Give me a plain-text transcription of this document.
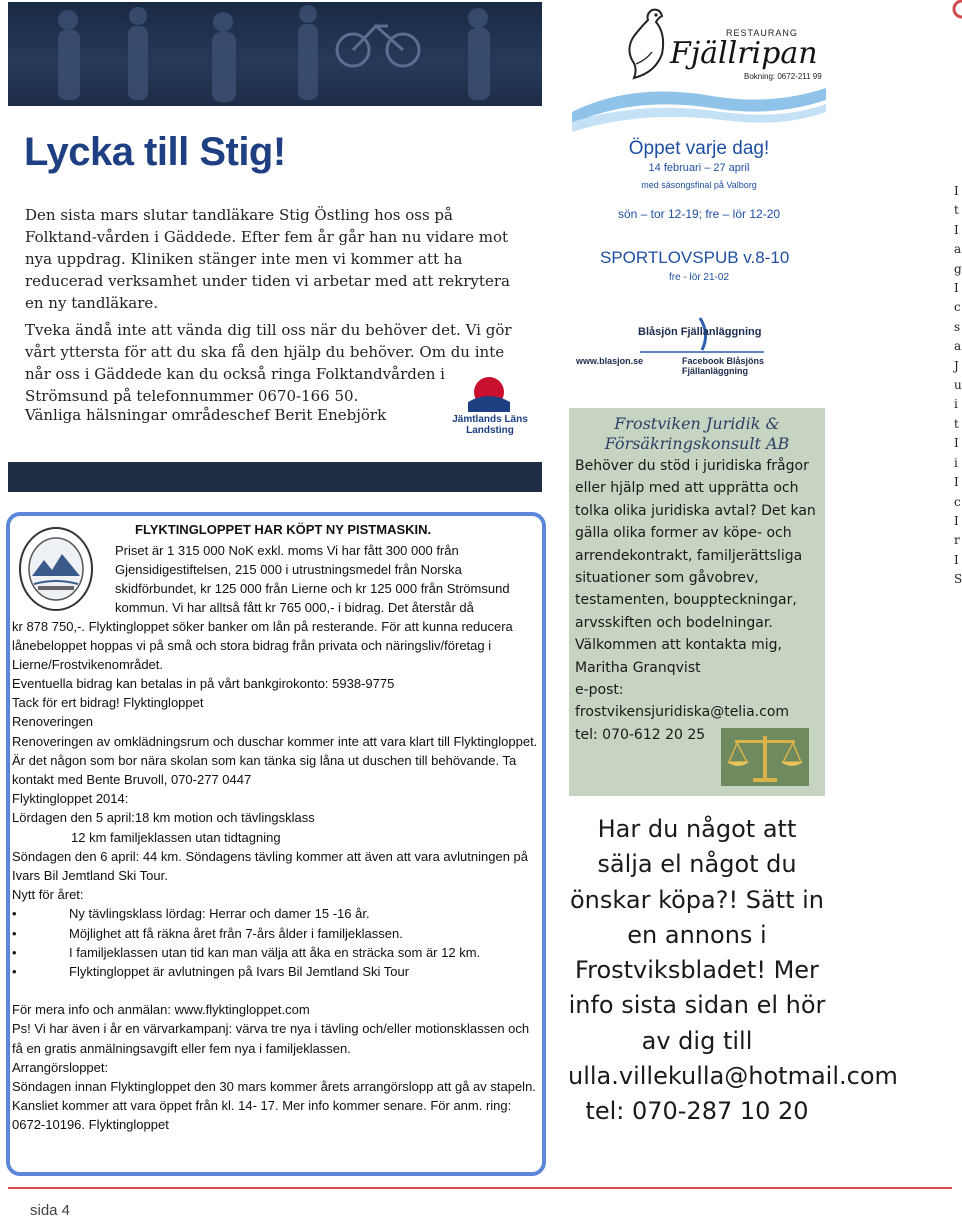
Lycka till Stig!

Den sista mars slutar tandläkare Stig Östling hos oss på Folktand-vården i Gäddede. Efter fem år går han nu vidare mot nya uppdrag. Kliniken stänger inte men vi kommer att ha reducerad verksamhet under tiden vi arbetar med att rekrytera en ny tandläkare.

Tveka ändå inte att vända dig till oss när du behöver det. Vi gör vårt yttersta för att du ska få den hjälp du behöver. Om du inte når oss i Gäddede kan du också ringa Folktandvården i Strömsund på telefonnummer 0670-166 50.

Vänliga hälsningar områdeschef Berit Enebjörk	Jämtlands Läns Landsting
FLYKTINGLOPPET HAR KÖPT NY PISTMASKIN.
Priset är 1 315 000 NoK exkl. moms Vi har fått 300 000 från Gjensidigestiftelsen, 215 000 i utrustningsmedel från Norska skidförbundet, kr 125 000 från Lierne och kr 125 000 från Strömsund kommun. Vi har alltså fått kr 765 000,- i bidrag. Det återstår då
kr 878 750,-. Flyktingloppet söker banker om lån på resterande. För att kunna reducera lånebeloppet hoppas vi på små och stora bidrag från privata och näringsliv/företag i Lierne/Frostvikenområdet.
Eventuella bidrag kan betalas in på vårt bankgirokonto: 5938-9775
Tack för ert bidrag! Flyktingloppet
Renoveringen
Renoveringen av omklädningsrum och duschar kommer inte att vara klart till Flyktingloppet. Är det någon som bor nära skolan som kan tänka sig låna ut duschen till behövande. Ta kontakt med Bente Bruvoll, 070-277 0447
Flyktingloppet 2014:
Lördagen den 5 april:18 km motion och tävlingsklass
12 km familjeklassen utan tidtagning
Söndagen den 6 april: 44 km. Söndagens tävling kommer att även att vara avlutningen på Ivars Bil Jemtland Ski Tour.
Nytt för året:
• Ny tävlingsklass lördag: Herrar och damer 15 -16 år.
• Möjlighet att få räkna året från 7-års ålder i familjeklassen.
• I familjeklassen utan tid kan man välja att åka en sträcka som är 12 km.
• Flyktingloppet är avlutningen på Ivars Bil Jemtland Ski Tour
För mera info och anmälan: www.flyktingloppet.com
Ps! Vi har även i år en värvarkampanj: värva tre nya i tävling och/eller motionsklassen och få en gratis anmälningsavgift eller fem nya i familjeklassen.
Arrangörsloppet:
Söndagen innan Flyktingloppet den 30 mars kommer årets arrangörslopp att gå av stapeln. Kansliet kommer att vara öppet från kl. 14- 17. Mer info kommer senare. För anm. ring: 0672-10196. Flyktingloppet
RESTAURANG
Fjällripan
Bokning: 0672-211 99
Öppet varje dag!
14 februari – 27 april
med säsongsfinal på Valborg
sön – tor 12-19; fre – lör 12-20
SPORTLOVSPUB v.8-10
fre - lör 21-02
Blåsjön Fjällanläggning
www.blasjon.se	Facebook Blåsjöns Fjällanläggning
Frostviken Juridik &
Försäkringskonsult AB
Behöver du stöd i juridiska frågor eller hjälp med att upprätta och tolka olika juridiska avtal? Det kan gälla olika former av köpe- och arrendekontrakt, familjerättsliga situationer som gåvobrev, testamenten, bouppteckningar, arvsskiften och bodelningar.
Välkommen att kontakta mig,
Maritha Granqvist
e-post:
frostvikensjuridiska@telia.com
tel: 070-612 20 25
Har du något att sälja el något du önskar köpa?! Sätt in en annons i Frostviksbladet! Mer info sista sidan el hör av dig till ulla.villekulla@hotmail.com tel: 070-287 10 20
I
t
I
a
g
I
c
s
a
J
u
i
t
I
i
I
c
I
r
I
S
sida 4
